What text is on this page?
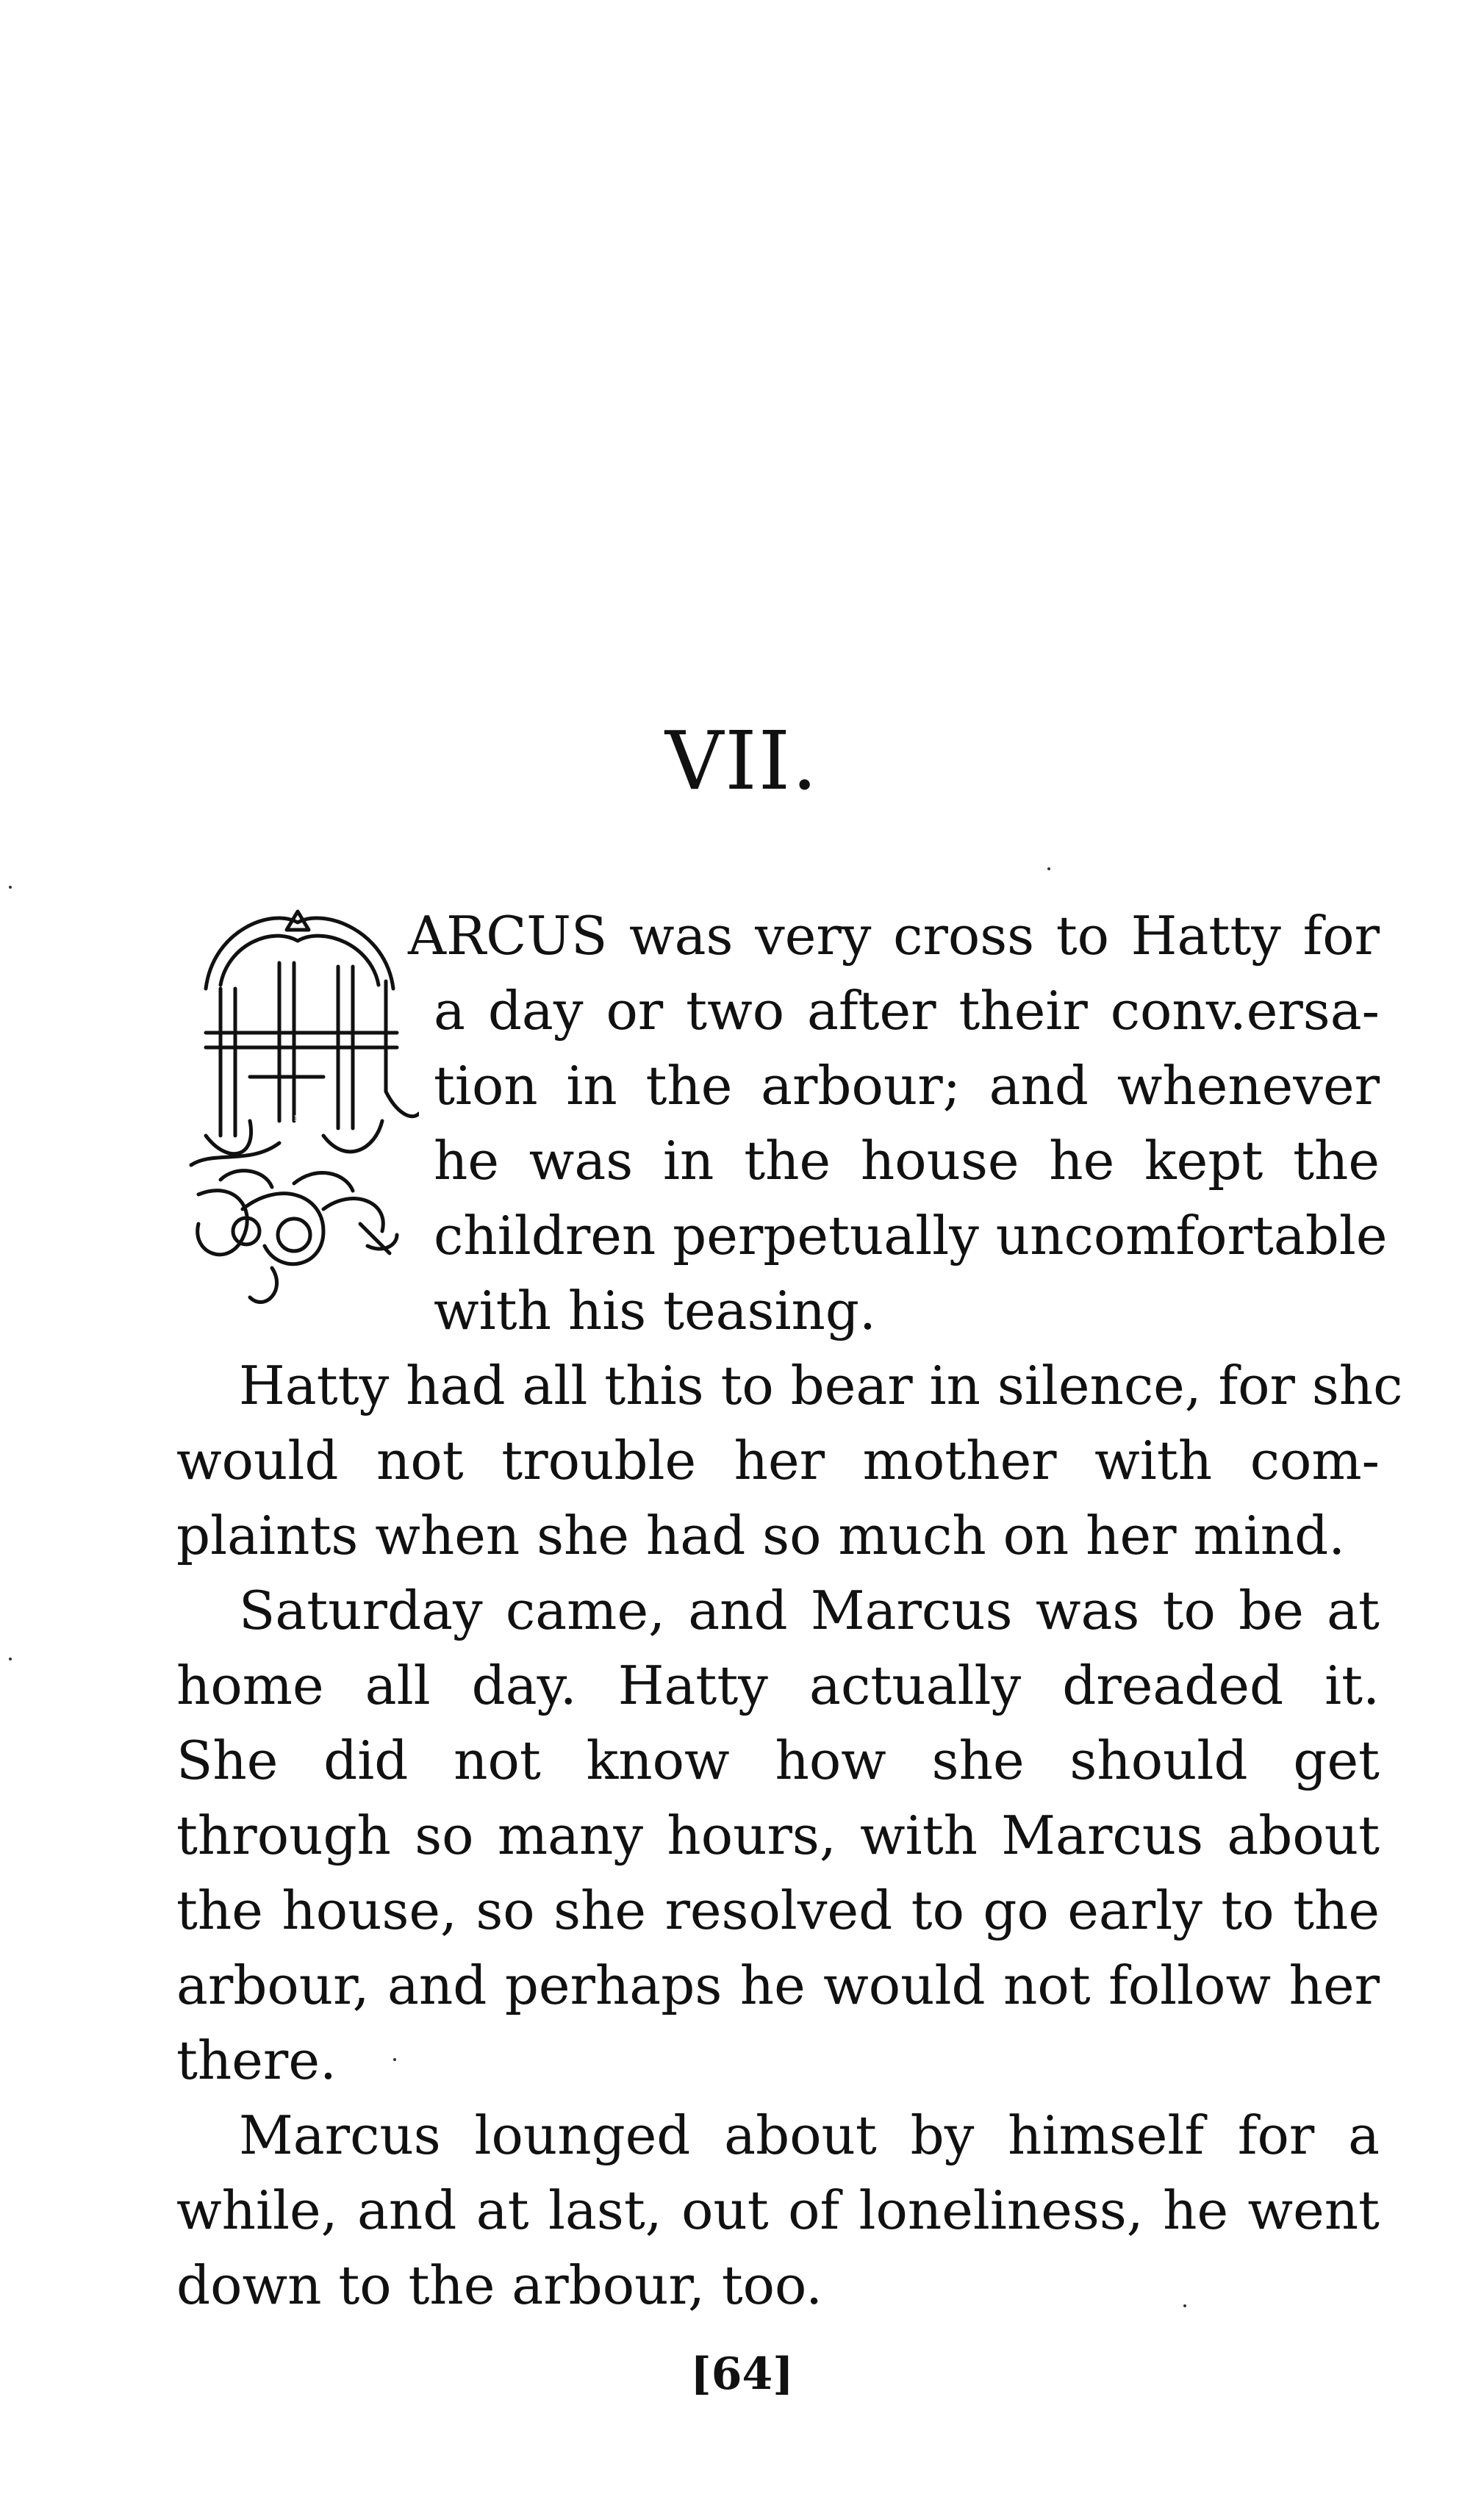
VII.
M
ARCUS was very cross to Hatty for
a day or two after their conv.ersa-
tion in the arbour; and whenever
he was in the house he kept the
children perpetually uncomfortable
with his teasing.
Hatty had all this to bear in silence, for shc
would not trouble her mother with com-
plaints when she had so much on her mind.
Saturday came, and Marcus was to be at
home all day. Hatty actually dreaded it.
She did not know how she should get
through so many hours, with Marcus about
the house, so she resolved to go early to the
arbour, and perhaps he would not follow her
there.
Marcus lounged about by himself for a
while, and at last, out of loneliness, he went
down to the arbour, too.
[64]
